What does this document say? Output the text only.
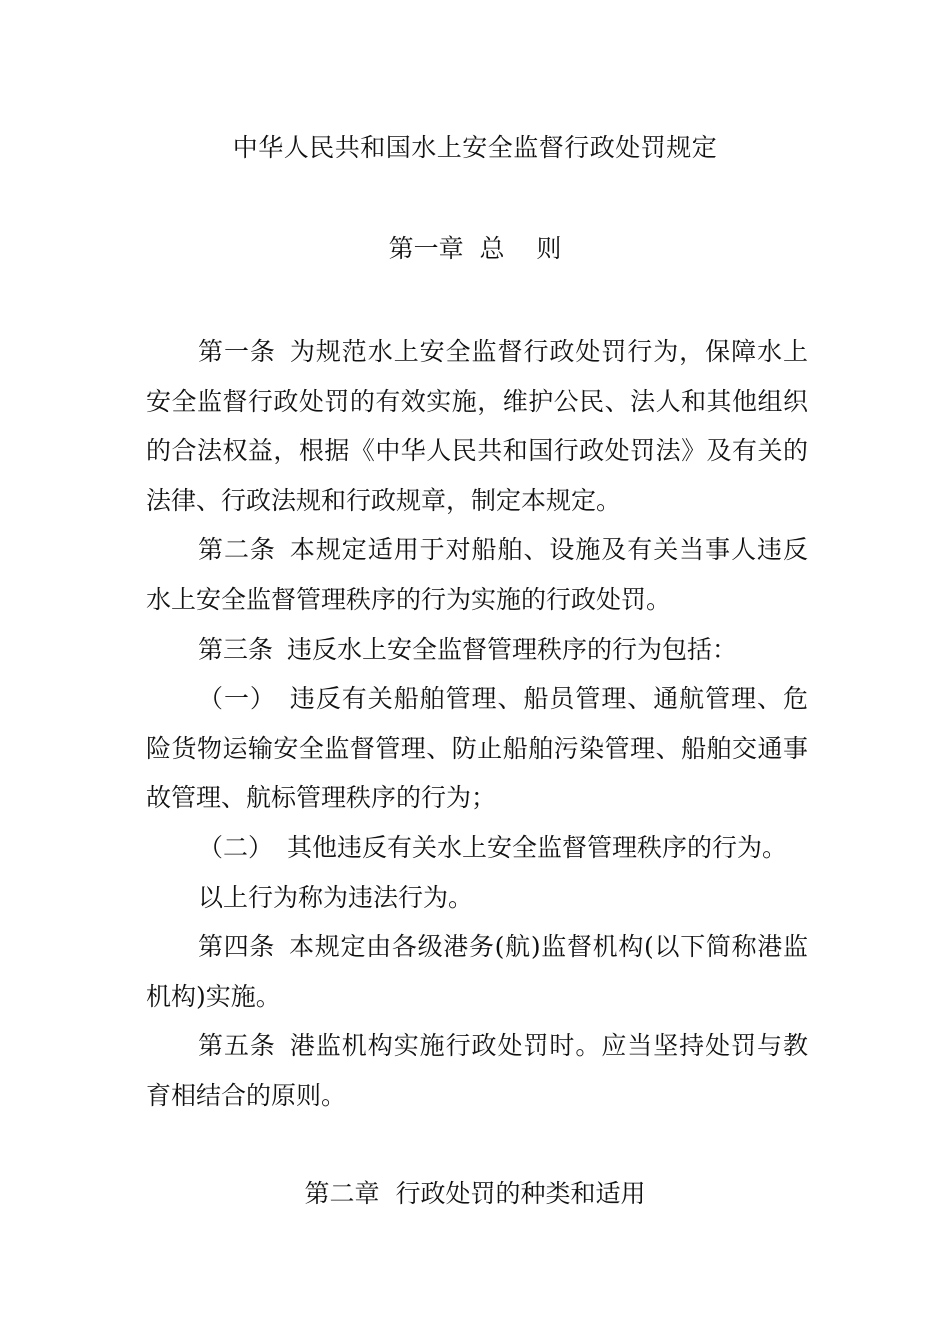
中华人民共和国水上安全监督行政处罚规定
第一章  总    则

第一条 为规范水上安全监督行政处罚行为，保障水上安全监督行政处罚的有效实施，维护公民、法人和其他组织的合法权益，根据《中华人民共和国行政处罚法》及有关的法律、行政法规和行政规章，制定本规定。

第二条 本规定适用于对船舶、设施及有关当事人违反水上安全监督管理秩序的行为实施的行政处罚。

第三条 违反水上安全监督管理秩序的行为包括：

（一） 违反有关船舶管理、船员管理、通航管理、危险货物运输安全监督管理、防止船舶污染管理、船舶交通事故管理、航标管理秩序的行为；

（二） 其他违反有关水上安全监督管理秩序的行为。

以上行为称为违法行为。

第四条 本规定由各级港务(航)监督机构(以下简称港监机构)实施。

第五条 港监机构实施行政处罚时。应当坚持处罚与教育相结合的原则。

第二章  行政处罚的种类和适用
